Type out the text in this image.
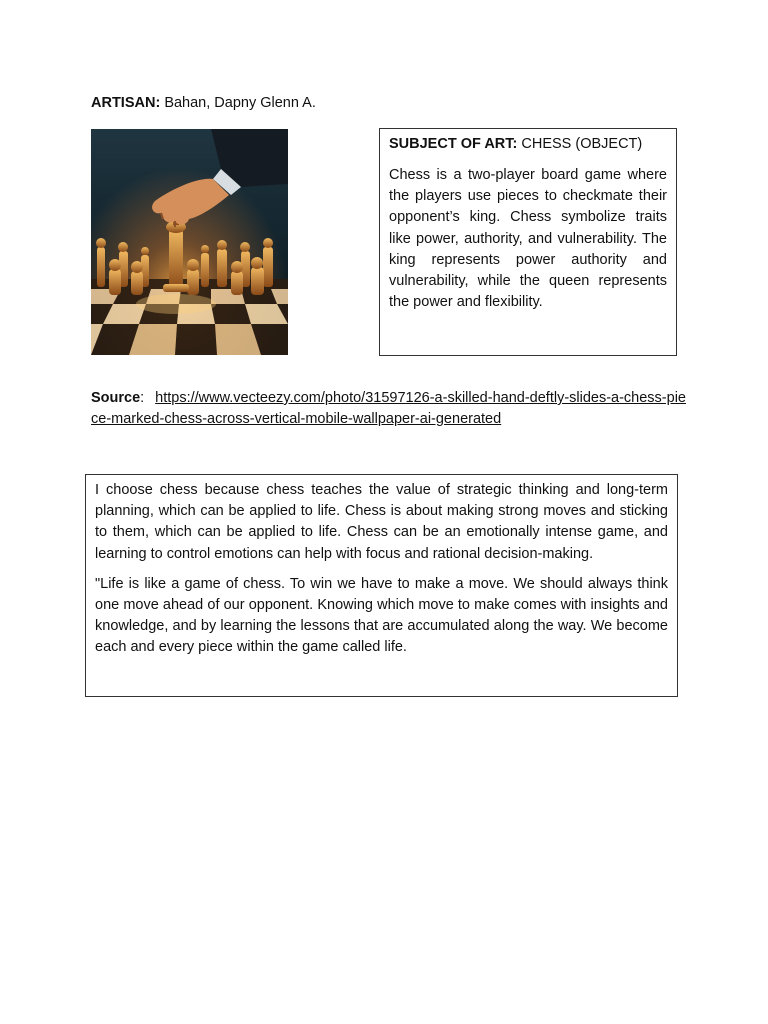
ARTISAN: Bahan, Dapny Glenn A.

SUBJECT OF ART: CHESS (OBJECT)

Chess is a two-player board game where the players use pieces to checkmate their opponent’s king. Chess symbolize traits like power, authority, and vulnerability. The king represents power authority and vulnerability, while the queen represents the power and flexibility.

Source: https://www.vecteezy.com/photo/31597126-a-skilled-hand-deftly-slides-a-chess-piece-marked-chess-across-vertical-mobile-wallpaper-ai-generated

I choose chess because chess teaches the value of strategic thinking and long-term planning, which can be applied to life. Chess is about making strong moves and sticking to them, which can be applied to life. Chess can be an emotionally intense game, and learning to control emotions can help with focus and rational decision-making.

"Life is like a game of chess. To win we have to make a move. We should always think one move ahead of our opponent. Knowing which move to make comes with insights and knowledge, and by learning the lessons that are accumulated along the way. We become each and every piece within the game called life.
